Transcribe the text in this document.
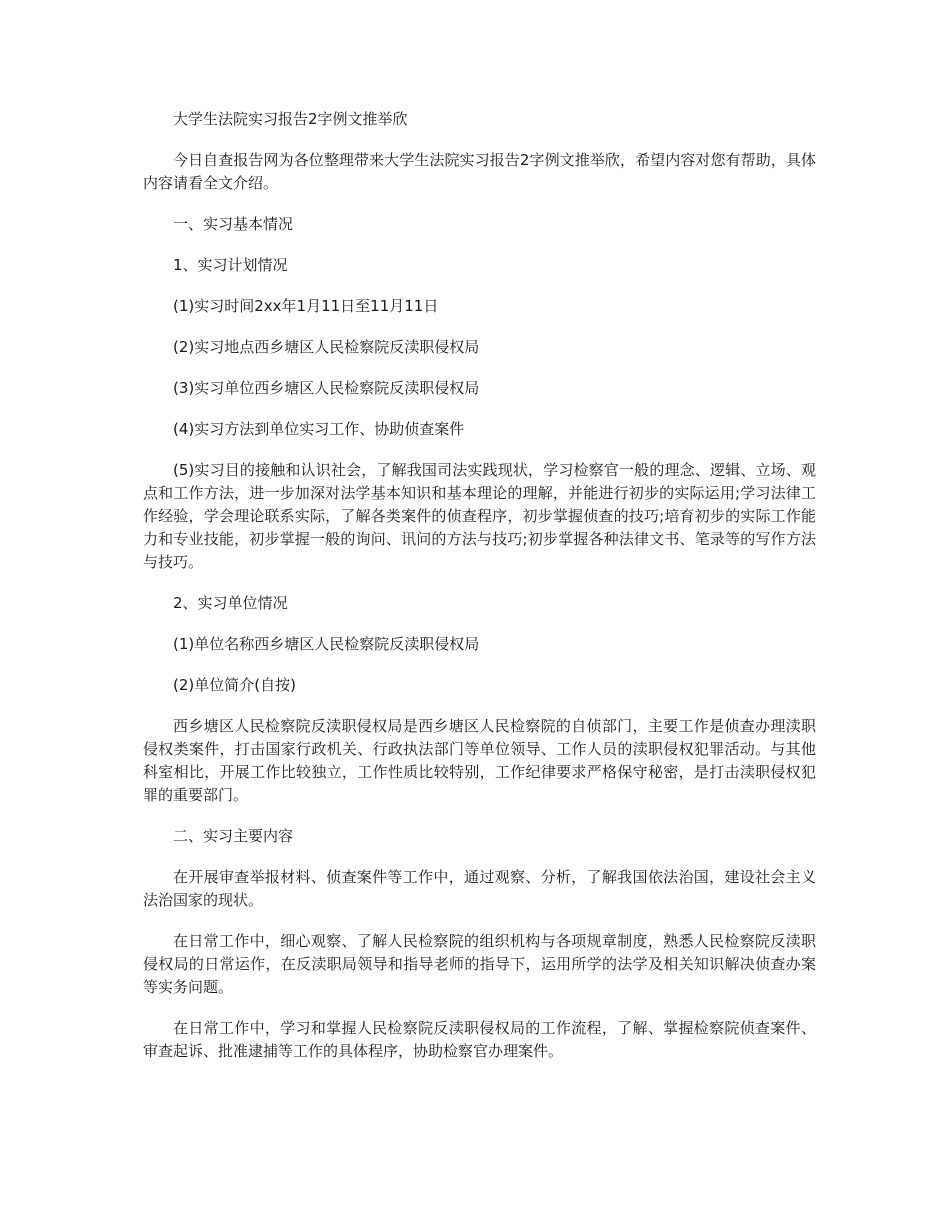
大学生法院实习报告2字例文推举欣

今日自查报告网为各位整理带来大学生法院实习报告2字例文推举欣，希望内容对您有帮助，具体内容请看全文介绍。

一、实习基本情况

1、实习计划情况

(1)实习时间2xx年1月11日至11月11日

(2)实习地点西乡塘区人民检察院反渎职侵权局

(3)实习单位西乡塘区人民检察院反渎职侵权局

(4)实习方法到单位实习工作、协助侦查案件

(5)实习目的接触和认识社会，了解我国司法实践现状，学习检察官一般的理念、逻辑、立场、观点和工作方法，进一步加深对法学基本知识和基本理论的理解，并能进行初步的实际运用;学习法律工作经验，学会理论联系实际，了解各类案件的侦查程序，初步掌握侦查的技巧;培育初步的实际工作能力和专业技能，初步掌握一般的询问、讯问的方法与技巧;初步掌握各种法律文书、笔录等的写作方法与技巧。

2、实习单位情况

(1)单位名称西乡塘区人民检察院反渎职侵权局

(2)单位简介(自按)

西乡塘区人民检察院反渎职侵权局是西乡塘区人民检察院的自侦部门，主要工作是侦查办理渎职侵权类案件，打击国家行政机关、行政执法部门等单位领导、工作人员的渎职侵权犯罪活动。与其他科室相比，开展工作比较独立，工作性质比较特别，工作纪律要求严格保守秘密，是打击渎职侵权犯罪的重要部门。

二、实习主要内容

在开展审查举报材料、侦查案件等工作中，通过观察、分析，了解我国依法治国，建设社会主义法治国家的现状。

在日常工作中，细心观察、了解人民检察院的组织机构与各项规章制度，熟悉人民检察院反渎职侵权局的日常运作，在反渎职局领导和指导老师的指导下，运用所学的法学及相关知识解决侦查办案等实务问题。

在日常工作中，学习和掌握人民检察院反渎职侵权局的工作流程，了解、掌握检察院侦查案件、审查起诉、批准逮捕等工作的具体程序，协助检察官办理案件。
